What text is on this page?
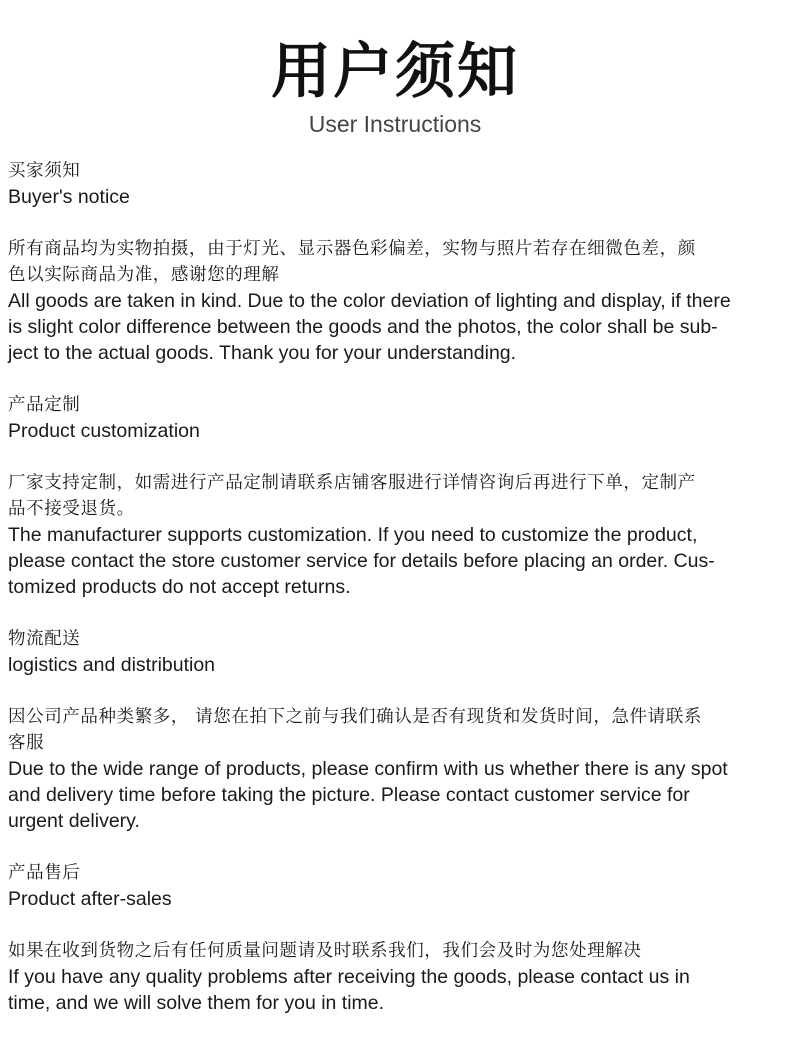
用户须知
User Instructions
买家须知
Buyer's notice
所有商品均为实物拍摄，由于灯光、显示器色彩偏差，实物与照片若存在细微色差，颜
色以实际商品为准，感谢您的理解
All goods are taken in kind. Due to the color deviation of lighting and display, if there
is slight color difference between the goods and the photos, the color shall be sub-
ject to the actual goods. Thank you for your understanding.
产品定制
Product customization
厂家支持定制，如需进行产品定制请联系店铺客服进行详情咨询后再进行下单，定制产
品不接受退货。
The manufacturer supports customization. If you need to customize the product,
please contact the store customer service for details before placing an order. Cus-
tomized products do not accept returns.
物流配送
logistics and distribution
因公司产品种类繁多， 请您在拍下之前与我们确认是否有现货和发货时间，急件请联系
客服
Due to the wide range of products, please confirm with us whether there is any spot
and delivery time before taking the picture. Please contact customer service for
urgent delivery.
产品售后
Product after-sales
如果在收到货物之后有任何质量问题请及时联系我们，我们会及时为您处理解决
If you have any quality problems after receiving the goods, please contact us in
time, and we will solve them for you in time.
